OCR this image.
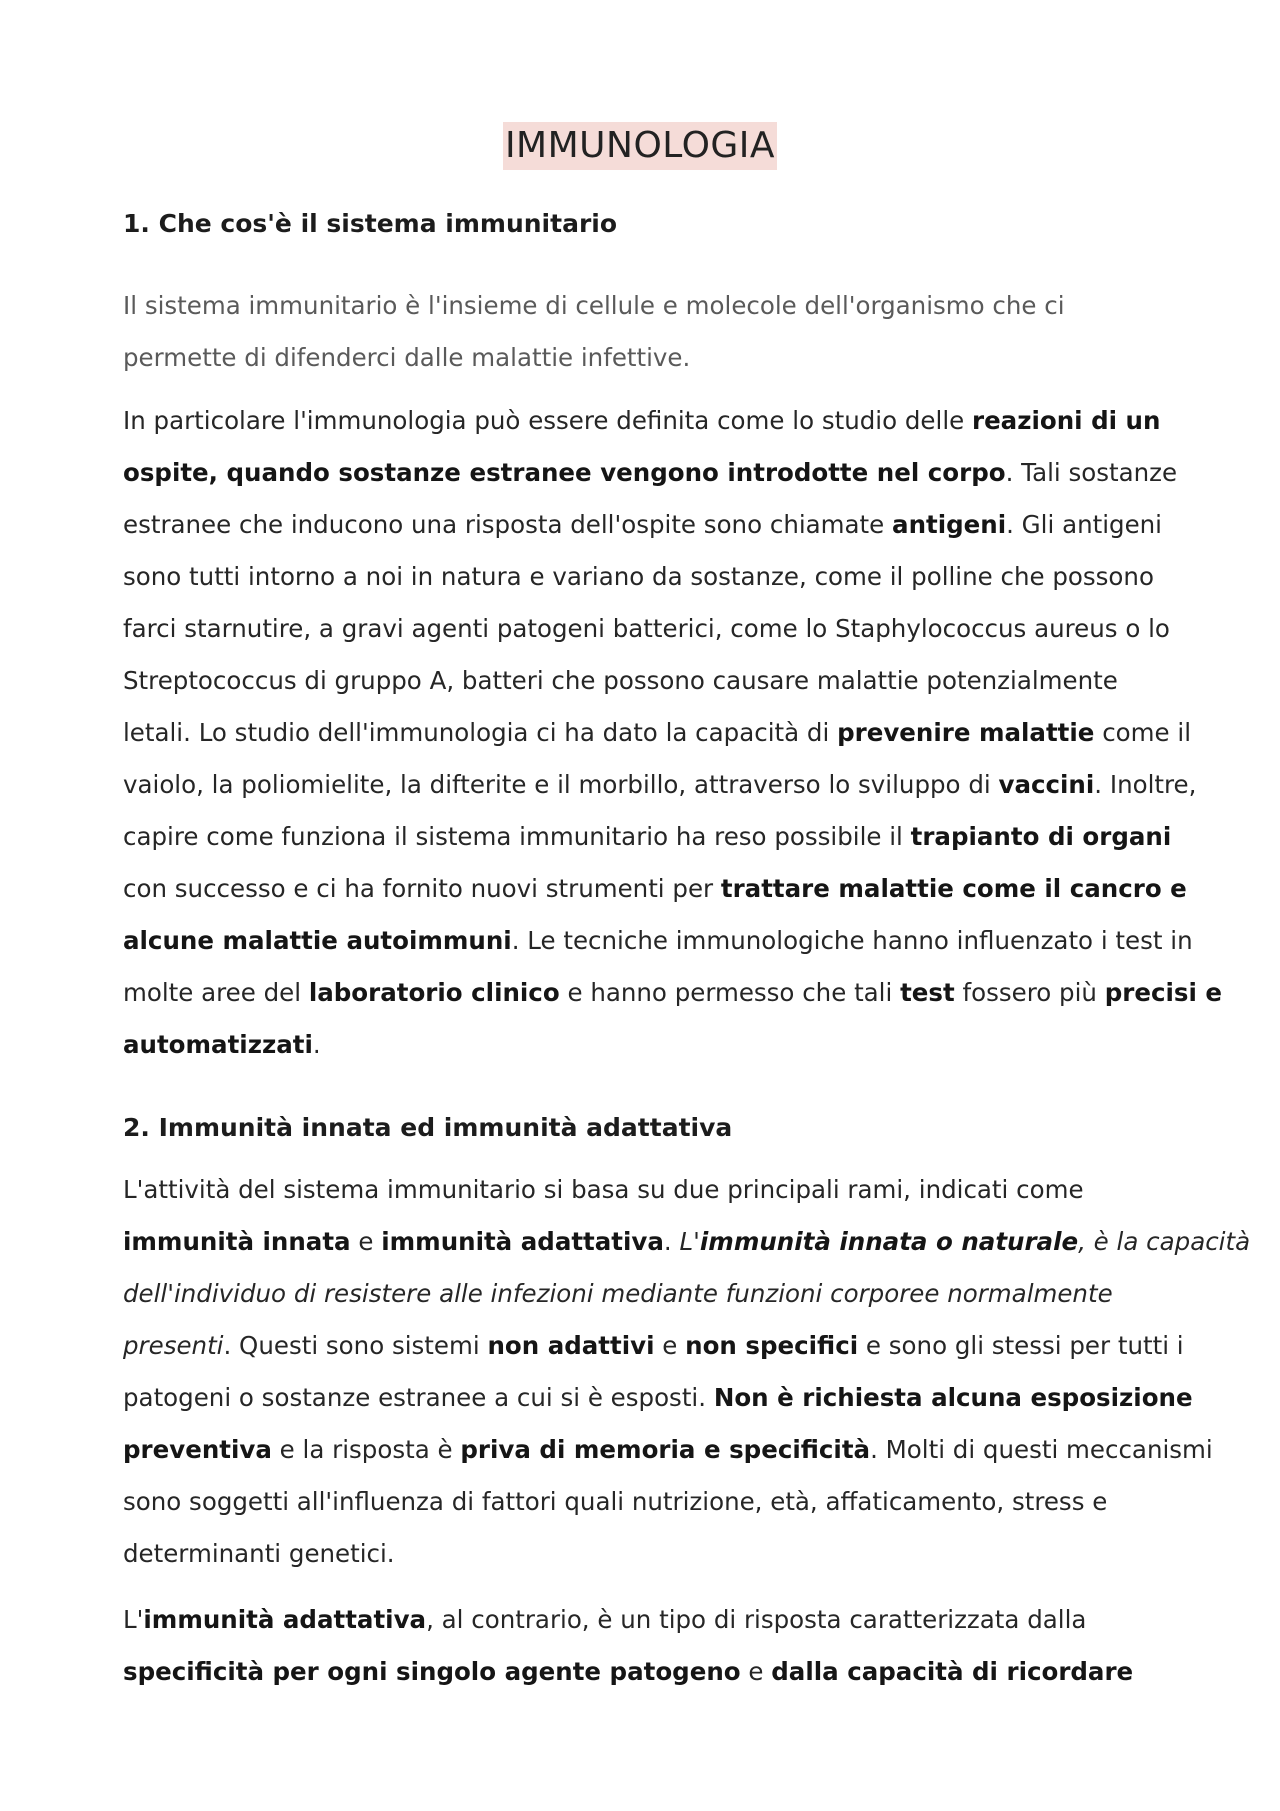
IMMUNOLOGIA
1. Che cos'è il sistema immunitario

Il sistema immunitario è l'insieme di cellule e molecole dell'organismo che ci
permette di difenderci dalle malattie infettive.

In particolare l'immunologia può essere definita come lo studio delle reazioni di un
ospite, quando sostanze estranee vengono introdotte nel corpo. Tali sostanze
estranee che inducono una risposta dell'ospite sono chiamate antigeni. Gli antigeni
sono tutti intorno a noi in natura e variano da sostanze, come il polline che possono
farci starnutire, a gravi agenti patogeni batterici, come lo Staphylococcus aureus o lo
Streptococcus di gruppo A, batteri che possono causare malattie potenzialmente
letali. Lo studio dell'immunologia ci ha dato la capacità di prevenire malattie come il
vaiolo, la poliomielite, la difterite e il morbillo, attraverso lo sviluppo di vaccini. Inoltre,
capire come funziona il sistema immunitario ha reso possibile il trapianto di organi
con successo e ci ha fornito nuovi strumenti per trattare malattie come il cancro e
alcune malattie autoimmuni. Le tecniche immunologiche hanno influenzato i test in
molte aree del laboratorio clinico e hanno permesso che tali test fossero più precisi e
automatizzati.

2. Immunità innata ed immunità adattativa

L'attività del sistema immunitario si basa su due principali rami, indicati come
immunità innata e immunità adattativa. L'immunità innata o naturale, è la capacità
dell'individuo di resistere alle infezioni mediante funzioni corporee normalmente
presenti. Questi sono sistemi non adattivi e non specifici e sono gli stessi per tutti i
patogeni o sostanze estranee a cui si è esposti. Non è richiesta alcuna esposizione
preventiva e la risposta è priva di memoria e specificità. Molti di questi meccanismi
sono soggetti all'influenza di fattori quali nutrizione, età, affaticamento, stress e
determinanti genetici.

L'immunità adattativa, al contrario, è un tipo di risposta caratterizzata dalla
specificità per ogni singolo agente patogeno e dalla capacità di ricordare
